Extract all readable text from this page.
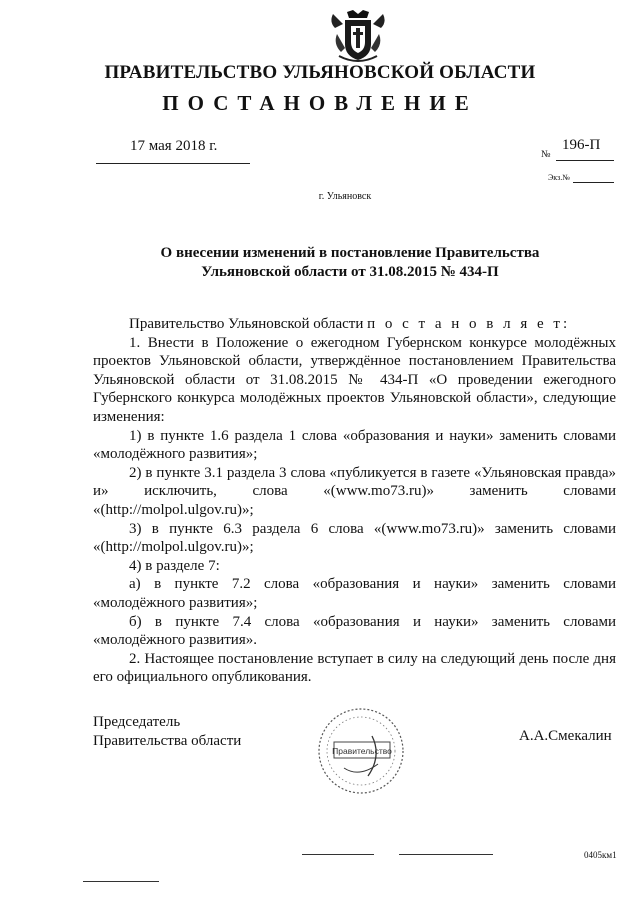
ПРАВИТЕЛЬСТВО УЛЬЯНОВСКОЙ ОБЛАСТИ
ПОСТАНОВЛЕНИЕ
17 мая 2018 г.
№
196-П
Экз.№
г. Ульяновск
О внесении изменений в постановление Правительства
Ульяновской области от 31.08.2015 № 434-П

Правительство Ульяновской области п о с т а н о в л я е т:

1. Внести в Положение о ежегодном Губернском конкурсе молодёжных проектов Ульяновской области, утверждённое постановлением Правительства Ульяновской области от 31.08.2015 № 434-П «О проведении ежегодного Губернского конкурса молодёжных проектов Ульяновской области», следующие изменения:

1) в пункте 1.6 раздела 1 слова «образования и науки» заменить словами «молодёжного развития»;

2) в пункте 3.1 раздела 3 слова «публикуется в газете «Ульяновская правда» и» исключить, слова «(www.mo73.ru)» заменить словами «(http://molpol.ulgov.ru)»;

3) в пункте 6.3 раздела 6 слова «(www.mo73.ru)» заменить словами «(http://molpol.ulgov.ru)»;

4) в разделе 7:

а) в пункте 7.2 слова «образования и науки» заменить словами «молодёжного развития»;

б) в пункте 7.4 слова «образования и науки» заменить словами «молодёжного развития».

2. Настоящее постановление вступает в силу на следующий день после дня его официального опубликования.

Председатель
Правительства области
Правительство
А.А.Смекалин
0405км1
